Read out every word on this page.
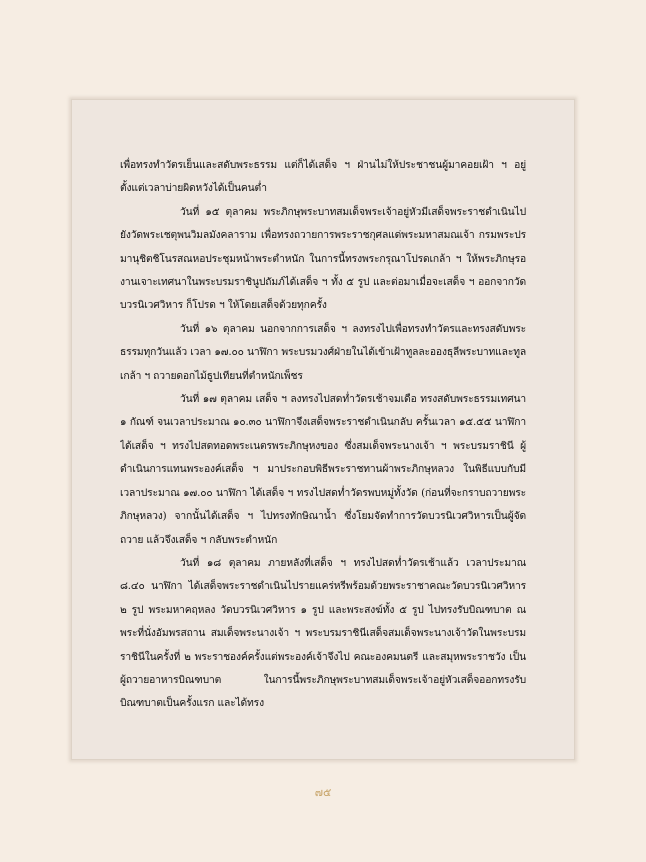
เพื่อทรงทำวัตรเย็นและสดับพระธรรม แต่ก็ได้เสด็จ ฯ ฝ่านไม่ให้ประชาชนผู้มาคอยเฝ้า ฯ อยู่ตั้งแต่เวลาบ่ายผิดหวังได้เป็นคนต่ำ

วันที่ ๑๕ ตุลาคม พระภิกษุพระบาทสมเด็จพระเจ้าอยู่หัวมีเสด็จพระราชดำเนินไปยังวัดพระเชตุพนวิมลมังคลาราม เพื่อทรงถวายการพระราชกุศลแด่พระมหาสมณเจ้า กรมพระปรมานุชิตชิโนรสณหอประชุมหน้าพระตำหนัก ในการนี้ทรงพระกรุณาโปรดเกล้า ฯ ให้พระภิกษุรองานเจาะเทศนาในพระบรมราชินูปถัมภ์ได้เสด็จ ฯ ทั้ง ๕ รูป และต่อมาเมื่อจะเสด็จ ฯ ออกจากวัดบวรนิเวศวิหาร ก็โปรด ฯ ให้โดยเสด็จด้วยทุกครั้ง

วันที่ ๑๖ ตุลาคม นอกจากการเสด็จ ฯ ลงทรงไปเพื่อทรงทำวัตรและทรงสดับพระธรรมทุกวันแล้ว เวลา ๑๗.๐๐ นาฬิกา พระบรมวงศ์ฝ่ายในได้เข้าเฝ้าทูลละอองธุลีพระบาทและทูลเกล้า ฯ ถวายดอกไม้ธูปเทียนที่ตำหนักเพ็ชร

วันที่ ๑๗ ตุลาคม เสด็จ ฯ ลงทรงไปสดท่ำวัดรเช้าจมเดือ ทรงสดับพระธรรมเทศนา ๑ กัณฑ์ จนเวลาประมาณ ๑๐.๓๐ นาฬิกาจึงเสด็จพระราชดำเนินกลับ ครั้นเวลา ๑๕.๕๕ นาฬิกา ได้เสด็จ ฯ ทรงไปสดทอดพระเนตรพระภิกษุหงของ ซึ่งสมเด็จพระนางเจ้า ฯ พระบรมราชินี ผู้ดำเนินการแทนพระองค์เสด็จ ฯ มาประกอบพิธีพระราชทานผ้าพระภิกษุหลวง ในพิธีแบบกับมีเวลาประมาณ ๑๗.๐๐ นาฬิกา ได้เสด็จ ฯ ทรงไปสดท่ำวัดรพบหมู่ทั้งวัด (ก่อนที่จะกราบถวายพระภิกษุหลวง) จากนั้นได้เสด็จ ฯ ไปทรงทักษิณาน้ำ ซึ่งโยมจัดทำการวัดบวรนิเวศวิหารเป็นผู้จัดถวาย แล้วจึงเสด็จ ฯ กลับพระตำหนัก

วันที่ ๑๘ ตุลาคม ภายหลังที่เสด็จ ฯ ทรงไปสดท่ำวัดรเช้าแล้ว เวลาประมาณ ๘.๔๐ นาฬิกา ได้เสด็จพระราชดำเนินไปรายแคร่หรีพร้อมด้วยพระราชาคณะวัดบวรนิเวศวิหาร ๒ รูป พระมหาคฤหลง วัดบวรนิเวศวิหาร ๑ รูป และพระสงฆ์ทั้ง ๕ รูป ไปทรงรับบิณฑบาต ณ พระที่นั่งอัมพรสถาน สมเด็จพระนางเจ้า ฯ พระบรมราชินีเสด็จสมเด็จพระนางเจ้าวัดในพระบรมราชินีในครั้งที่ ๒ พระราชองค์ครั้งแต่พระองค์เจ้าจึงไป คณะองคมนตรี และสมุหพระราชวัง เป็นผู้ถวายอาหารบิณฑบาต ในการนี้พระภิกษุพระบาทสมเด็จพระเจ้าอยู่หัวเสด็จออกทรงรับบิณฑบาตเป็นครั้งแรก และได้ทรง

๗๕
